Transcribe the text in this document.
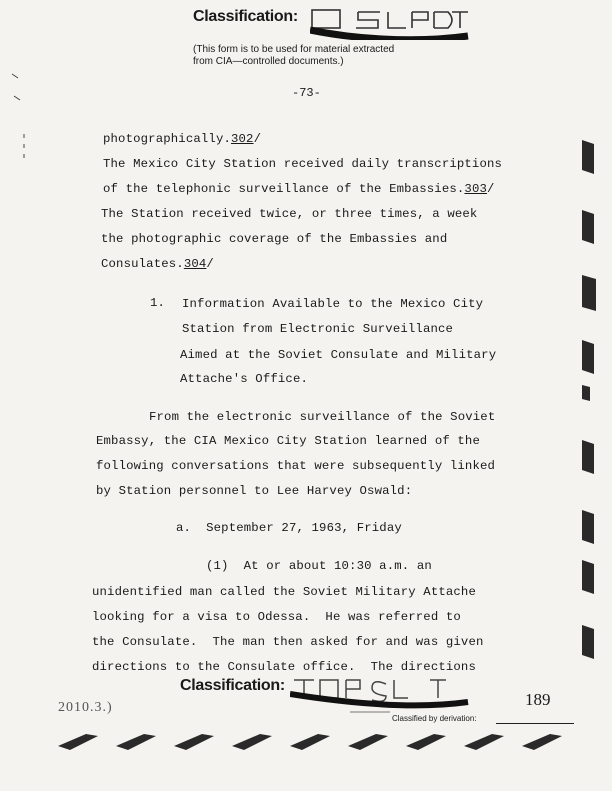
Classification:
(This form is to be used for material extracted
from CIA—controlled documents.)
-73-
photographically.302/
The Mexico City Station received daily transcriptions
of the telephonic surveillance of the Embassies.303/
The Station received twice, or three times, a week
the photographic coverage of the Embassies and
Consulates.304/
1. Information Available to the Mexico City
Station from Electronic Surveillance
Aimed at the Soviet Consulate and Military
Attache's Office.
From the electronic surveillance of the Soviet
Embassy, the CIA Mexico City Station learned of the
following conversations that were subsequently linked
by Station personnel to Lee Harvey Oswald:
a.  September 27, 1963, Friday
(1)  At or about 10:30 a.m. an
unidentified man called the Soviet Military Attache
looking for a visa to Odessa.  He was referred to
the Consulate.  The man then asked for and was given
directions to the Consulate office.  The directions
Classification:
2010.3.)	189
Classified by derivation:
